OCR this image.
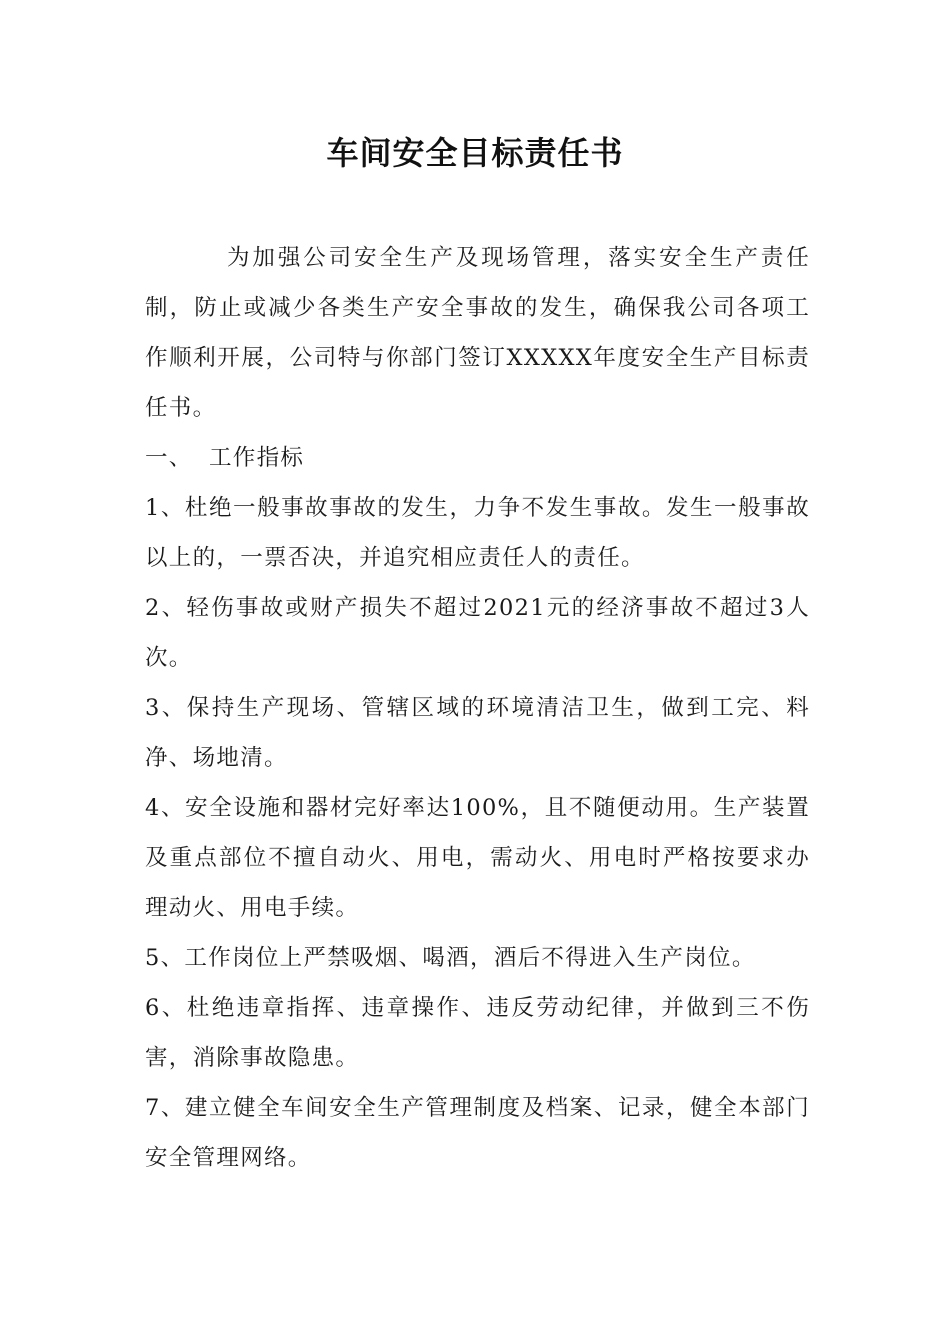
车间安全目标责任书

为加强公司安全生产及现场管理，落实安全生产责任制，防止或减少各类生产安全事故的发生，确保我公司各项工作顺利开展，公司特与你部门签订XXXXX年度安全生产目标责任书。

一、 工作指标

1、杜绝一般事故事故的发生，力争不发生事故。发生一般事故以上的，一票否决，并追究相应责任人的责任。

2、轻伤事故或财产损失不超过2021元的经济事故不超过3人次。

3、保持生产现场、管辖区域的环境清洁卫生，做到工完、料净、场地清。

4、安全设施和器材完好率达100%，且不随便动用。生产装置及重点部位不擅自动火、用电，需动火、用电时严格按要求办理动火、用电手续。

5、工作岗位上严禁吸烟、喝酒，酒后不得进入生产岗位。

6、杜绝违章指挥、违章操作、违反劳动纪律，并做到三不伤害，消除事故隐患。

7、建立健全车间安全生产管理制度及档案、记录，健全本部门安全管理网络。
